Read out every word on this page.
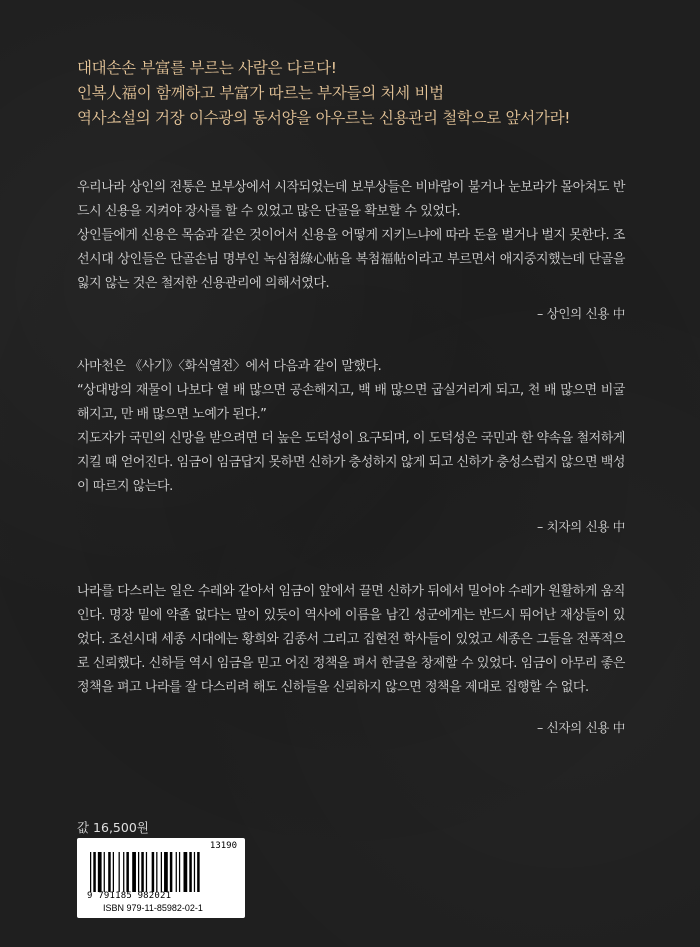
대대손손 부富를 부르는 사람은 다르다!
인복人福이 함께하고 부富가 따르는 부자들의 처세 비법
역사소설의 거장 이수광의 동서양을 아우르는 신용관리 철학으로 앞서가라!
우리나라 상인의 전통은 보부상에서 시작되었는데 보부상들은 비바람이 불거나 눈보라가 몰아쳐도 반드시 신용을 지켜야 장사를 할 수 있었고 많은 단골을 확보할 수 있었다.
상인들에게 신용은 목숨과 같은 것이어서 신용을 어떻게 지키느냐에 따라 돈을 벌거나 벌지 못한다. 조선시대 상인들은 단골손님 명부인 녹심첨綠心帖을 복첨福帖이라고 부르면서 애지중지했는데 단골을 잃지 않는 것은 철저한 신용관리에 의해서였다.
– 상인의 신용 中
사마천은 《사기》〈화식열전〉에서 다음과 같이 말했다.
“상대방의 재물이 나보다 열 배 많으면 공손해지고, 백 배 많으면 굽실거리게 되고, 천 배 많으면 비굴해지고, 만 배 많으면 노예가 된다.”
지도자가 국민의 신망을 받으려면 더 높은 도덕성이 요구되며, 이 도덕성은 국민과 한 약속을 철저하게 지킬 때 얻어진다. 임금이 임금답지 못하면 신하가 충성하지 않게 되고 신하가 충성스럽지 않으면 백성이 따르지 않는다.
– 치자의 신용 中
나라를 다스리는 일은 수레와 같아서 임금이 앞에서 끌면 신하가 뒤에서 밀어야 수레가 원활하게 움직인다. 명장 밑에 약졸 없다는 말이 있듯이 역사에 이름을 남긴 성군에게는 반드시 뛰어난 재상들이 있었다. 조선시대 세종 시대에는 황희와 김종서 그리고 집현전 학사들이 있었고 세종은 그들을 전폭적으로 신뢰했다. 신하들 역시 임금을 믿고 어진 정책을 펴서 한글을 창제할 수 있었다. 임금이 아무리 좋은 정책을 펴고 나라를 잘 다스리려 해도 신하들을 신뢰하지 않으면 정책을 제대로 집행할 수 없다.
– 신자의 신용 中
값 16,500원
13190
9 791185 982021
ISBN 979-11-85982-02-1
